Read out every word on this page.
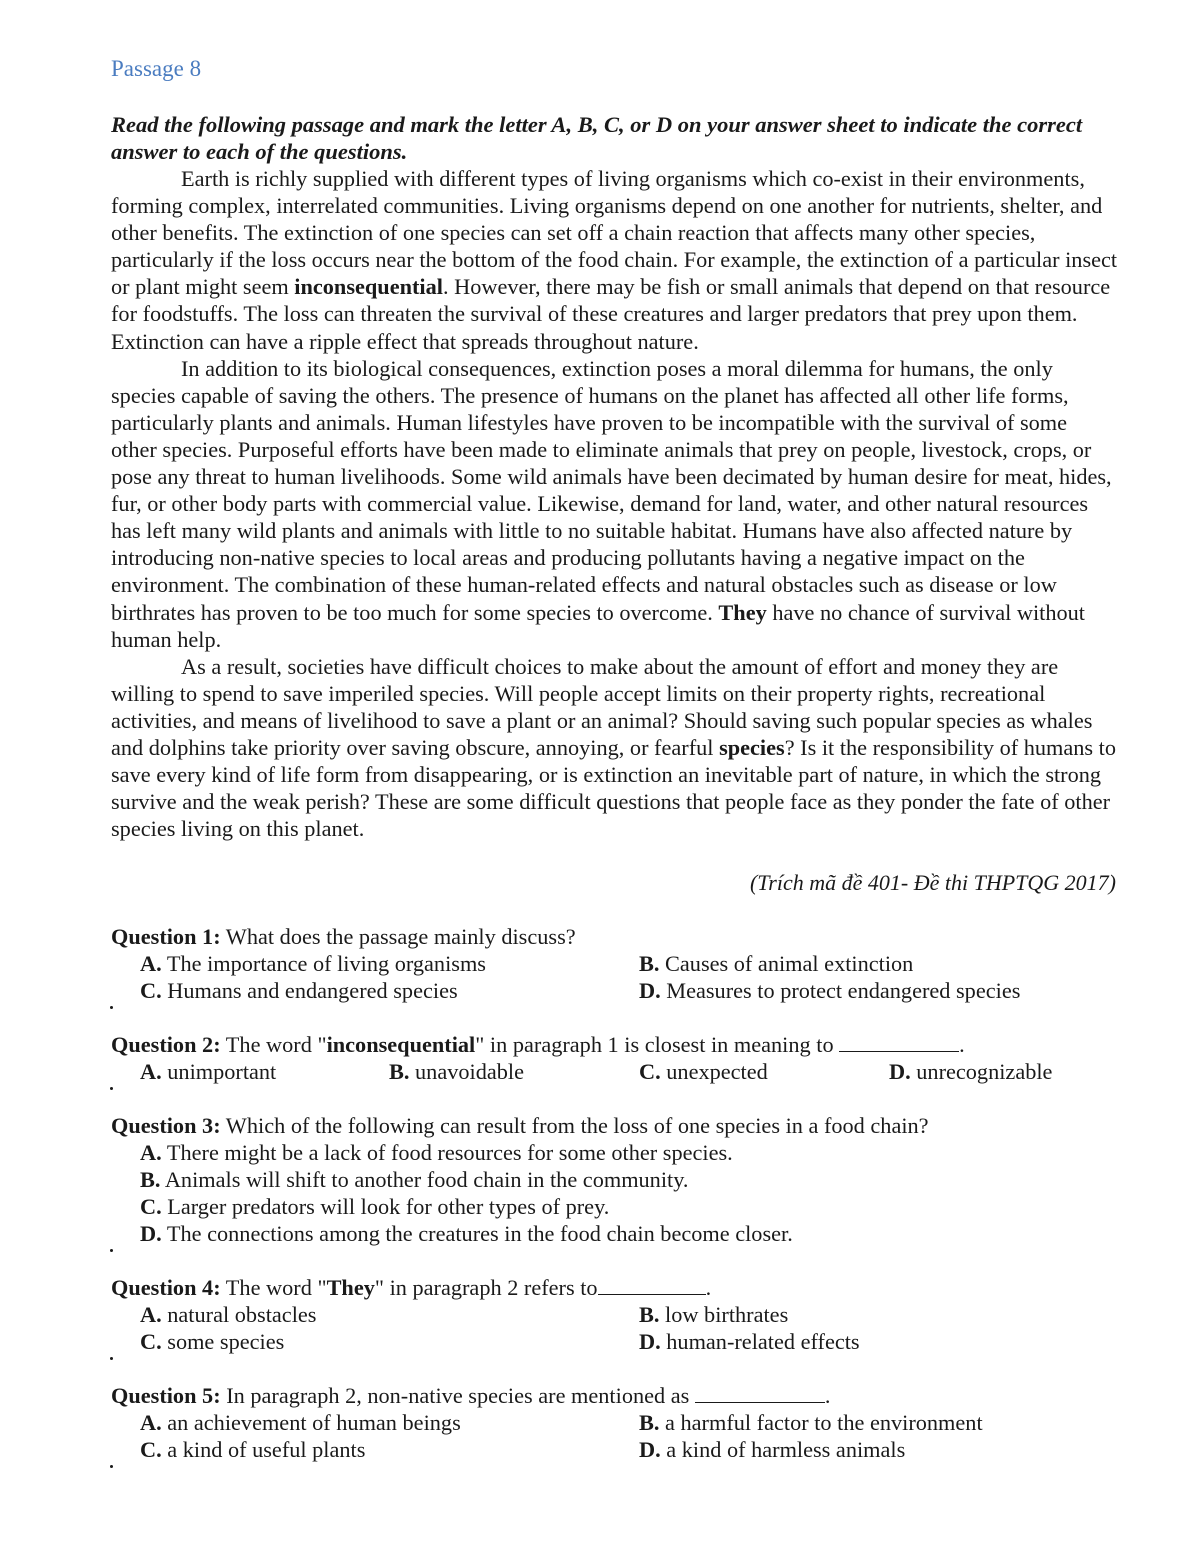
Passage 8
Read the following passage and mark the letter A, B, C, or D on your answer sheet to indicate the correct answer to each of the questions.

Earth is richly supplied with different types of living organisms which co-exist in their environments, forming complex, interrelated communities. Living organisms depend on one another for nutrients, shelter, and other benefits. The extinction of one species can set off a chain reaction that affects many other species, particularly if the loss occurs near the bottom of the food chain. For example, the extinction of a particular insect or plant might seem inconsequential. However, there may be fish or small animals that depend on that resource for foodstuffs. The loss can threaten the survival of these creatures and larger predators that prey upon them. Extinction can have a ripple effect that spreads throughout nature.

In addition to its biological consequences, extinction poses a moral dilemma for humans, the only species capable of saving the others. The presence of humans on the planet has affected all other life forms, particularly plants and animals. Human lifestyles have proven to be incompatible with the survival of some other species. Purposeful efforts have been made to eliminate animals that prey on people, livestock, crops, or pose any threat to human livelihoods. Some wild animals have been decimated by human desire for meat, hides, fur, or other body parts with commercial value. Likewise, demand for land, water, and other natural resources has left many wild plants and animals with little to no suitable habitat. Humans have also affected nature by introducing non-native species to local areas and producing pollutants having a negative impact on the environment. The combination of these human-related effects and natural obstacles such as disease or low birthrates has proven to be too much for some species to overcome. They have no chance of survival without human help.

As a result, societies have difficult choices to make about the amount of effort and money they are willing to spend to save imperiled species. Will people accept limits on their property rights, recreational activities, and means of livelihood to save a plant or an animal? Should saving such popular species as whales and dolphins take priority over saving obscure, annoying, or fearful species? Is it the responsibility of humans to save every kind of life form from disappearing, or is extinction an inevitable part of nature, in which the strong survive and the weak perish? These are some difficult questions that people face as they ponder the fate of other species living on this planet.

(Trích mã đề 401- Đề thi THPTQG 2017)
Question 1: What does the passage mainly discuss?
A. The importance of living organisms	B. Causes of animal extinction
C. Humans and endangered species	D. Measures to protect endangered species
Question 2: The word "inconsequential" in paragraph 1 is closest in meaning to	.
A. unimportant	B. unavoidable	C. unexpected	D. unrecognizable
Question 3: Which of the following can result from the loss of one species in a food chain?
A. There might be a lack of food resources for some other species.
B. Animals will shift to another food chain in the community.
C. Larger predators will look for other types of prey.
D. The connections among the creatures in the food chain become closer.
Question 4: The word "They" in paragraph 2 refers to	.
A. natural obstacles	B. low birthrates
C. some species	D. human-related effects
Question 5: In paragraph 2, non-native species are mentioned as	.
A. an achievement of human beings	B. a harmful factor to the environment
C. a kind of useful plants	D. a kind of harmless animals
